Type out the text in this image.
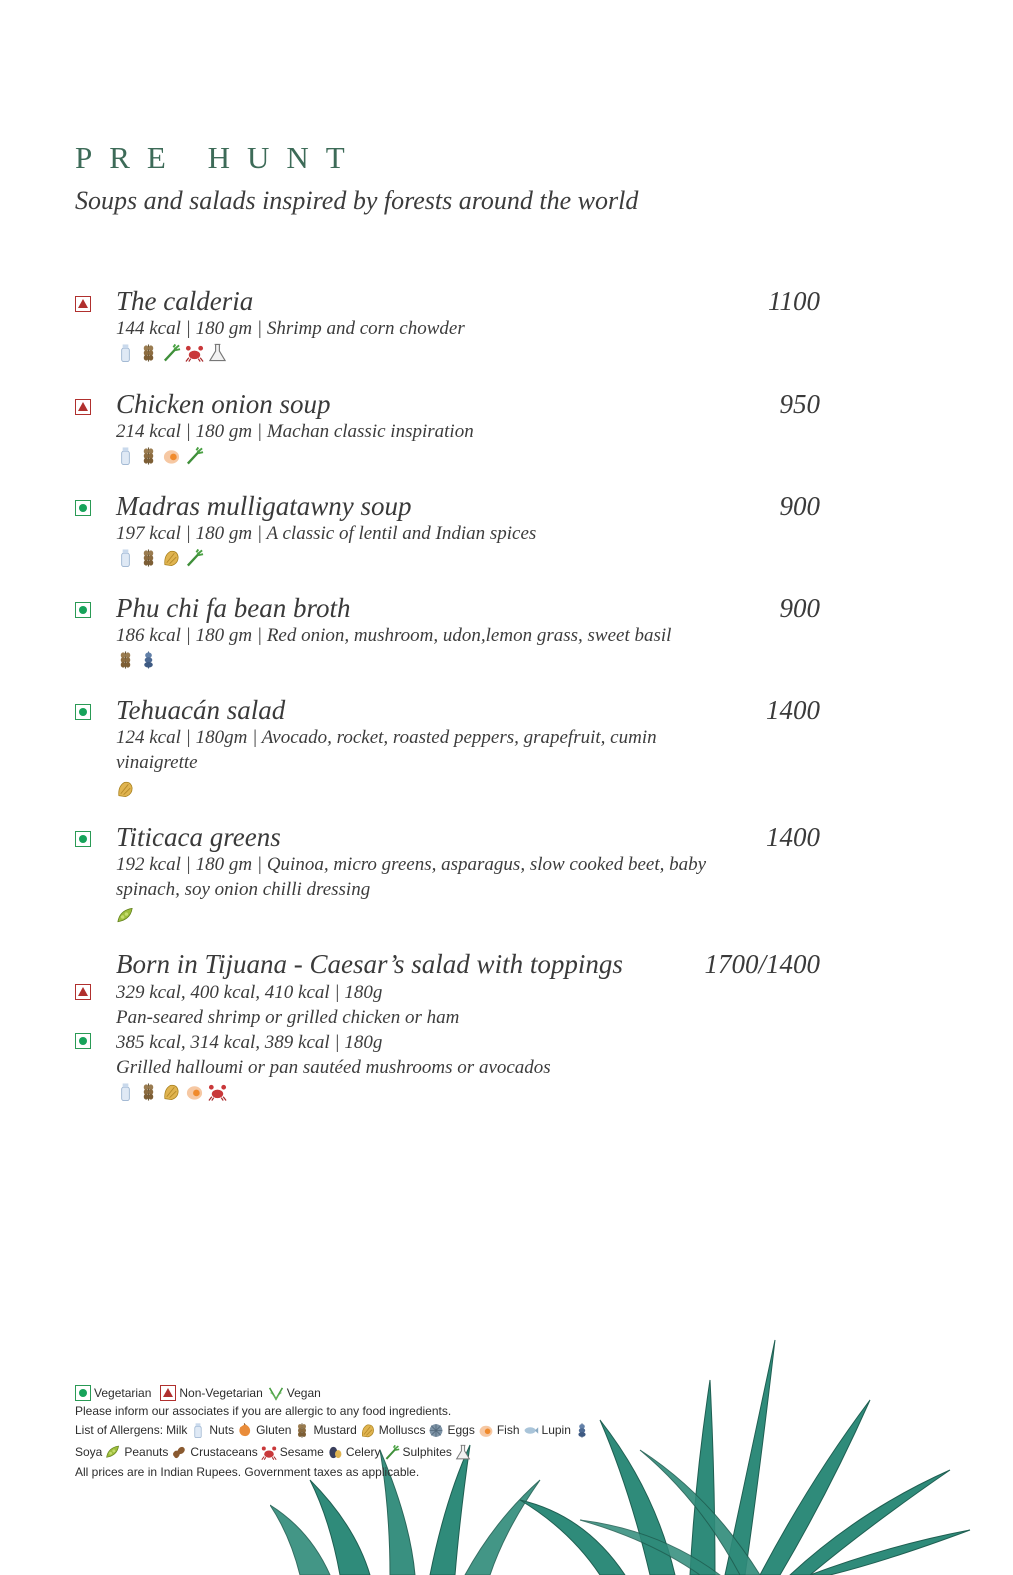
PRE HUNT
Soups and salads inspired by forests around the world
The calderia	1100
144 kcal | 180 gm | Shrimp and corn chowder
Chicken onion soup	950
214 kcal | 180 gm | Machan classic inspiration
Madras mulligatawny soup	900
197 kcal | 180 gm | A classic of lentil and Indian spices
Phu chi fa bean broth	900
186 kcal | 180 gm | Red onion, mushroom, udon,lemon grass, sweet basil
Tehuacán salad	1400
124 kcal | 180gm | Avocado, rocket, roasted peppers, grapefruit, cumin vinaigrette
Titicaca greens	1400
192 kcal | 180 gm | Quinoa, micro greens, asparagus, slow cooked beet, baby spinach, soy onion chilli dressing
Born in Tijuana - Caesar’s salad with toppings	1700/1400
329 kcal, 400 kcal, 410 kcal | 180g
Pan-seared shrimp or grilled chicken or ham
385 kcal, 314 kcal, 389 kcal | 180g
Grilled halloumi or pan sautéed mushrooms or avocados
Vegetarian Non-Vegetarian Vegan
Please inform our associates if you are allergic to any food ingredients.
List of Allergens: Milk Nuts Gluten Mustard Molluscs Eggs Fish Lupin
Soya Peanuts Crustaceans Sesame Celery Sulphites
All prices are in Indian Rupees. Government taxes as applicable.
